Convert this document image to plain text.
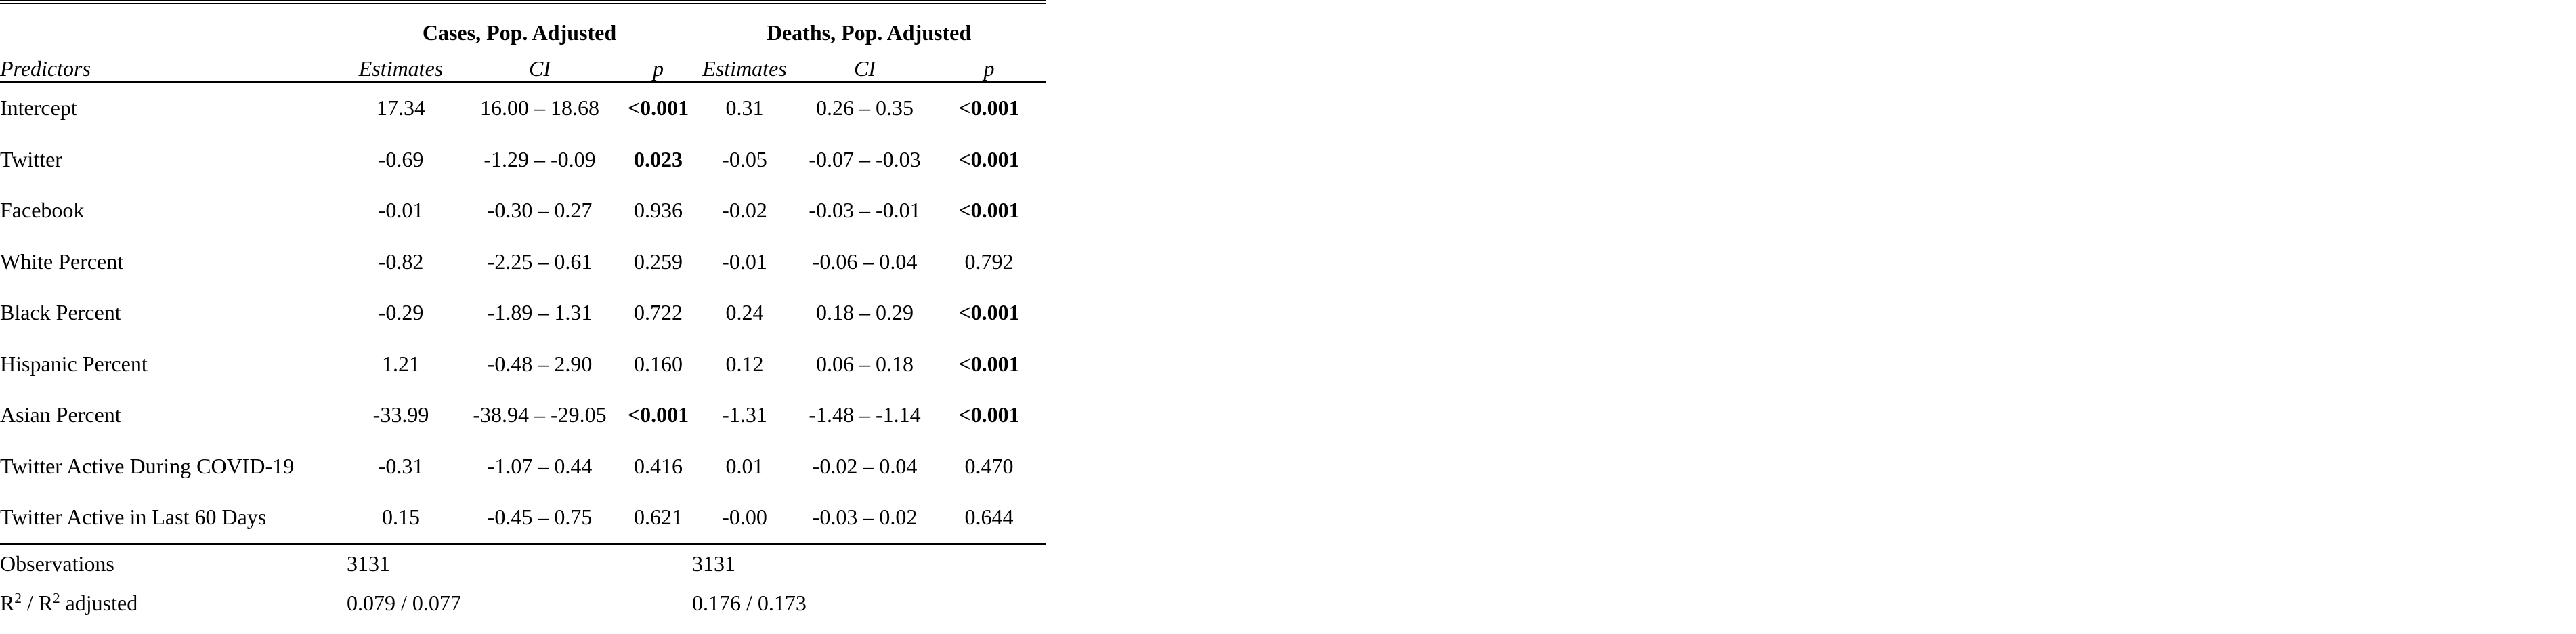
	Cases, Pop. Adjusted			Deaths, Pop. Adjusted		
Predictors	Estimates	CI	p	Estimates	CI	p
Intercept	17.34	16.00 – 18.68	<0.001	0.31	0.26 – 0.35	<0.001
Twitter	-0.69	-1.29 – -0.09	0.023	-0.05	-0.07 – -0.03	<0.001
Facebook	-0.01	-0.30 – 0.27	0.936	-0.02	-0.03 – -0.01	<0.001
White Percent	-0.82	-2.25 – 0.61	0.259	-0.01	-0.06 – 0.04	0.792
Black Percent	-0.29	-1.89 – 1.31	0.722	0.24	0.18 – 0.29	<0.001
Hispanic Percent	1.21	-0.48 – 2.90	0.160	0.12	0.06 – 0.18	<0.001
Asian Percent	-33.99	-38.94 – -29.05	<0.001	-1.31	-1.48 – -1.14	<0.001
Twitter Active During COVID-19	-0.31	-1.07 – 0.44	0.416	0.01	-0.02 – 0.04	0.470
Twitter Active in Last 60 Days	0.15	-0.45 – 0.75	0.621	-0.00	-0.03 – 0.02	0.644
Observations	3131			3131		
$R^2 / R^2$ adjusted	0.079 / 0.077			0.176 / 0.173		
